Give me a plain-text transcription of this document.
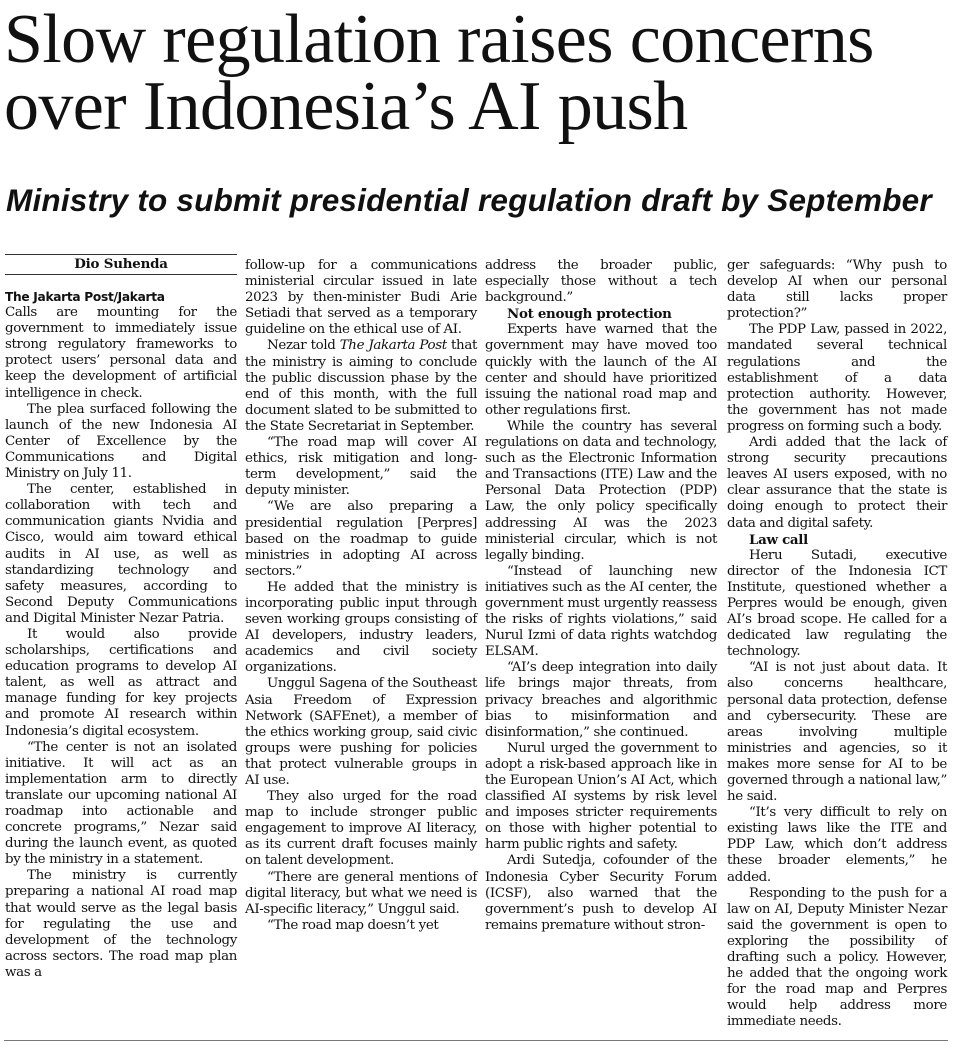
Slow regulation raises concerns over Indonesia’s AI push
Ministry to submit presidential regulation draft by September
Dio Suhenda

The Jakarta Post/Jakarta

Calls are mounting for the government to immediately issue strong regulatory frameworks to protect users’ personal data and keep the development of artificial intelligence in check.

The plea surfaced following the launch of the new Indonesia AI Center of Excellence by the Communications and Digital Ministry on July 11.

The center, established in collaboration with tech and communication giants Nvidia and Cisco, would aim toward ethical audits in AI use, as well as standardizing technology and safety measures, according to Second Deputy Communications and Digital Minister Nezar Patria.

It would also provide scholarships, certifications and education programs to develop AI talent, as well as attract and manage funding for key projects and promote AI research within Indonesia’s digital ecosystem.

“The center is not an isolated initiative. It will act as an implementation arm to directly translate our upcoming national AI roadmap into actionable and concrete programs,” Nezar said during the launch event, as quoted by the ministry in a statement.

The ministry is currently preparing a national AI road map that would serve as the legal basis for regulating the use and development of the technology across sectors. The road map plan was a

follow-up for a communications ministerial circular issued in late 2023 by then-minister Budi Arie Setiadi that served as a temporary guideline on the ethical use of AI.

Nezar told The Jakarta Post that the ministry is aiming to conclude the public discussion phase by the end of this month, with the full document slated to be submitted to the State Secretariat in September.

“The road map will cover AI ethics, risk mitigation and long-term development,” said the deputy minister.

“We are also preparing a presidential regulation [Perpres] based on the roadmap to guide ministries in adopting AI across sectors.”

He added that the ministry is incorporating public input through seven working groups consisting of AI developers, industry leaders, academics and civil society organizations.

Unggul Sagena of the Southeast Asia Freedom of Expression Network (SAFEnet), a member of the ethics working group, said civic groups were pushing for policies that protect vulnerable groups in AI use.

They also urged for the road map to include stronger public engagement to improve AI literacy, as its current draft focuses mainly on talent development.

“There are general mentions of digital literacy, but what we need is AI-specific literacy,” Unggul said.

“The road map doesn’t yet

address the broader public, especially those without a tech background.”

Not enough protection

Experts have warned that the government may have moved too quickly with the launch of the AI center and should have prioritized issuing the national road map and other regulations first.

While the country has several regulations on data and technology, such as the Electronic Information and Transactions (ITE) Law and the Personal Data Protection (PDP) Law, the only policy specifically addressing AI was the 2023 ministerial circular, which is not legally binding.

“Instead of launching new initiatives such as the AI center, the government must urgently reassess the risks of rights violations,” said Nurul Izmi of data rights watchdog ELSAM.

“AI’s deep integration into daily life brings major threats, from privacy breaches and algorithmic bias to misinformation and disinformation,” she continued.

Nurul urged the government to adopt a risk-based approach like in the European Union’s AI Act, which classified AI systems by risk level and imposes stricter requirements on those with higher potential to harm public rights and safety.

Ardi Sutedja, cofounder of the Indonesia Cyber Security Forum (ICSF), also warned that the government’s push to develop AI remains premature without stron-

ger safeguards: “Why push to develop AI when our personal data still lacks proper protection?”

The PDP Law, passed in 2022, mandated several technical regulations and the establishment of a data protection authority. However, the government has not made progress on forming such a body.

Ardi added that the lack of strong security precautions leaves AI users exposed, with no clear assurance that the state is doing enough to protect their data and digital safety.

Law call

Heru Sutadi, executive director of the Indonesia ICT Institute, questioned whether a Perpres would be enough, given AI’s broad scope. He called for a dedicated law regulating the technology.

“AI is not just about data. It also concerns healthcare, personal data protection, defense and cybersecurity. These are areas involving multiple ministries and agencies, so it makes more sense for AI to be governed through a national law,” he said.

“It’s very difficult to rely on existing laws like the ITE and PDP Law, which don’t address these broader elements,” he added.

Responding to the push for a law on AI, Deputy Minister Nezar said the government is open to exploring the possibility of drafting such a policy. However, he added that the ongoing work for the road map and Perpres would help address more immediate needs.
